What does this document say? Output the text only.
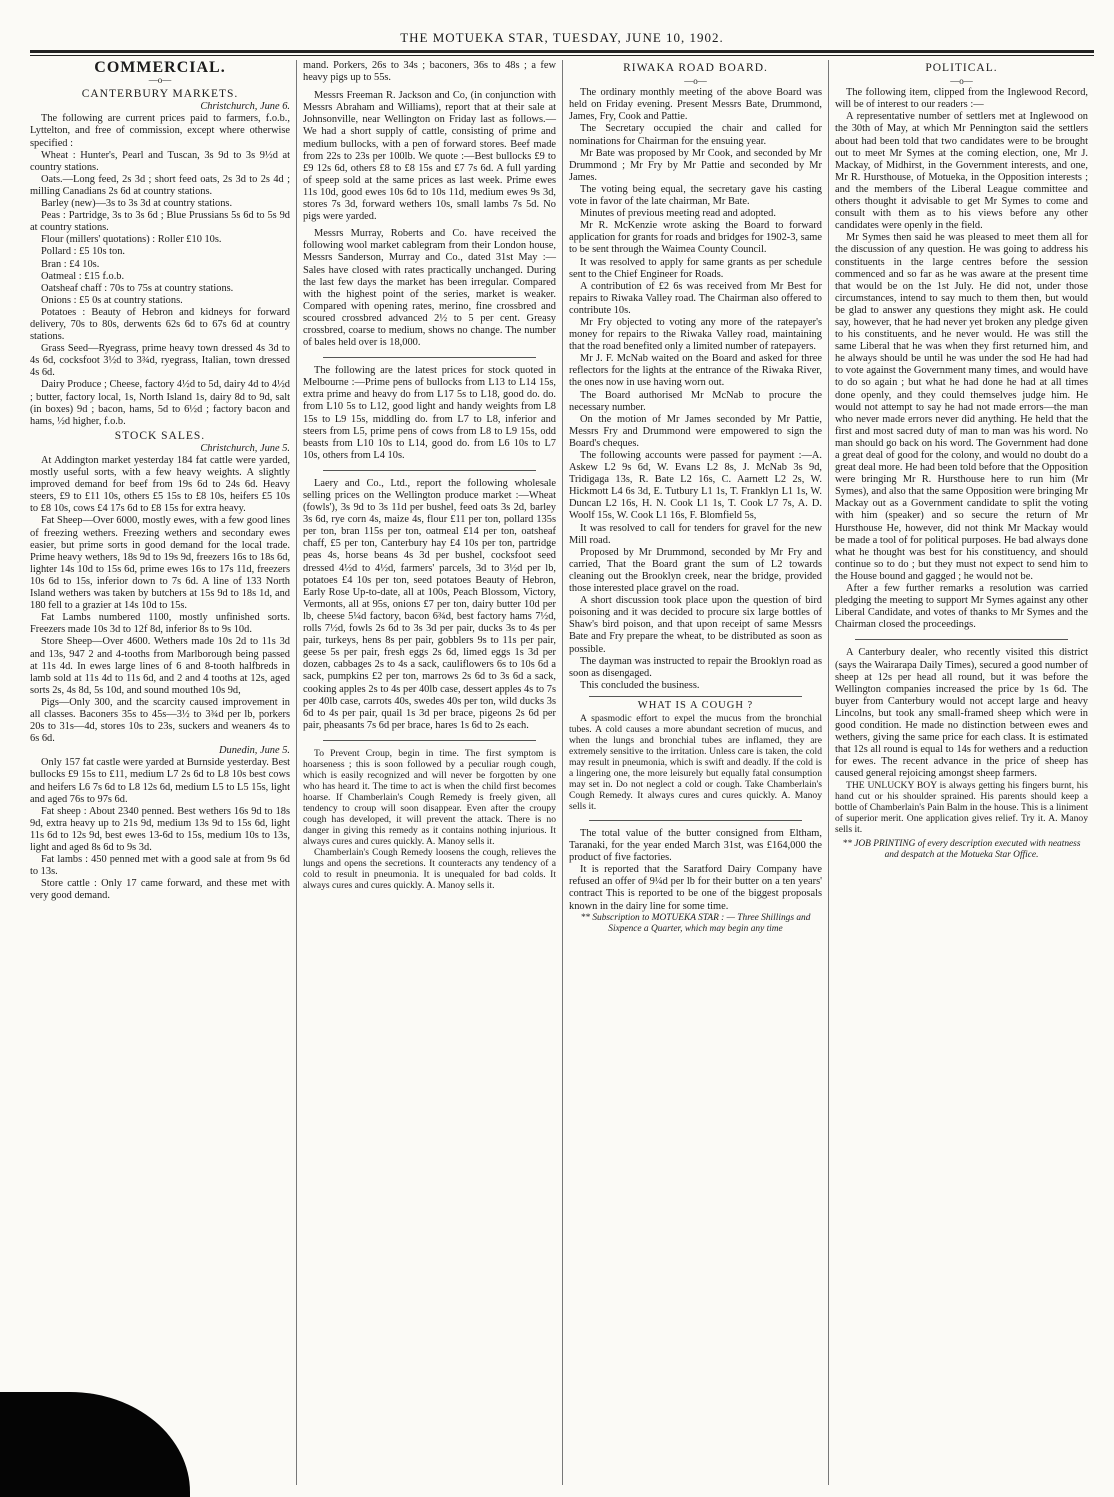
THE MOTUEKA STAR, TUESDAY, JUNE 10, 1902.
COMMERCIAL.
—o—
CANTERBURY MARKETS.
Christchurch, June 6.

The following are current prices paid to farmers, f.o.b., Lyttelton, and free of commission, except where otherwise specified :

Wheat : Hunter's, Pearl and Tuscan, 3s 9d to 3s 9½d at country stations.

Oats.—Long feed, 2s 3d ; short feed oats, 2s 3d to 2s 4d ; milling Canadians 2s 6d at country stations.

Barley (new)—3s to 3s 3d at country stations.

Peas : Partridge, 3s to 3s 6d ; Blue Prussians 5s 6d to 5s 9d at country stations.

Flour (millers' quotations) : Roller £10 10s.

Pollard : £5 10s ton.

Bran : £4 10s.

Oatmeal : £15 f.o.b.

Oatsheaf chaff : 70s to 75s at country stations.

Onions : £5 0s at country stations.

Potatoes : Beauty of Hebron and kidneys for forward delivery, 70s to 80s, derwents 62s 6d to 67s 6d at country stations.

Grass Seed—Ryegrass, prime heavy town dressed 4s 3d to 4s 6d, cocksfoot 3½d to 3¾d, ryegrass, Italian, town dressed 4s 6d.

Dairy Produce ; Cheese, factory 4½d to 5d, dairy 4d to 4½d ; butter, factory local, 1s, North Island 1s, dairy 8d to 9d, salt (in boxes) 9d ; bacon, hams, 5d to 6½d ; factory bacon and hams, ½d higher, f.o.b.

STOCK SALES.
Christchurch, June 5.

At Addington market yesterday 184 fat cattle were yarded, mostly useful sorts, with a few heavy weights. A slightly improved demand for beef from 19s 6d to 24s 6d. Heavy steers, £9 to £11 10s, others £5 15s to £8 10s, heifers £5 10s to £8 10s, cows £4 17s 6d to £8 15s for extra heavy.

Fat Sheep—Over 6000, mostly ewes, with a few good lines of freezing wethers. Freezing wethers and secondary ewes easier, but prime sorts in good demand for the local trade. Prime heavy wethers, 18s 9d to 19s 9d, freezers 16s to 18s 6d, lighter 14s 10d to 15s 6d, prime ewes 16s to 17s 11d, freezers 10s 6d to 15s, inferior down to 7s 6d. A line of 133 North Island wethers was taken by butchers at 15s 9d to 18s 1d, and 180 fell to a grazier at 14s 10d to 15s.

Fat Lambs numbered 1100, mostly unfinished sorts. Freezers made 10s 3d to 12f 8d, inferior 8s to 9s 10d.

Store Sheep—Over 4600. Wethers made 10s 2d to 11s 3d and 13s, 947 2 and 4-tooths from Marlborough being passed at 11s 4d. In ewes large lines of 6 and 8-tooth halfbreds in lamb sold at 11s 4d to 11s 6d, and 2 and 4 tooths at 12s, aged sorts 2s, 4s 8d, 5s 10d, and sound mouthed 10s 9d,

Pigs—Only 300, and the scarcity caused improvement in all classes. Baconers 35s to 45s—3½ to 3¾d per lb, porkers 20s to 31s—4d, stores 10s to 23s, suckers and weaners 4s to 6s 6d.

Dunedin, June 5.

Only 157 fat castle were yarded at Burnside yesterday. Best bullocks £9 15s to £11, medium L7 2s 6d to L8 10s best cows and heifers L6 7s 6d to L8 12s 6d, medium L5 to L5 15s, light and aged 76s to 97s 6d.

Fat sheep : About 2340 penned. Best wethers 16s 9d to 18s 9d, extra heavy up to 21s 9d, medium 13s 9d to 15s 6d, light 11s 6d to 12s 9d, best ewes 13-6d to 15s, medium 10s to 13s, light and aged 8s 6d to 9s 3d.

Fat lambs : 450 penned met with a good sale at from 9s 6d to 13s.

Store cattle : Only 17 came forward, and these met with very good demand.

mand. Porkers, 26s to 34s ; baconers, 36s to 48s ; a few heavy pigs up to 55s.

Messrs Freeman R. Jackson and Co, (in conjunction with Messrs Abraham and Williams), report that at their sale at Johnsonville, near Wellington on Friday last as follows.—We had a short supply of cattle, consisting of prime and medium bullocks, with a pen of forward stores. Beef made from 22s to 23s per 100lb. We quote :—Best bullocks £9 to £9 12s 6d, others £8 to £8 15s and £7 7s 6d. A full yarding of speep sold at the same prices as last week. Prime ewes 11s 10d, good ewes 10s 6d to 10s 11d, medium ewes 9s 3d, stores 7s 3d, forward wethers 10s, small lambs 7s 5d. No pigs were yarded.

Messrs Murray, Roberts and Co. have received the following wool market cablegram from their London house, Messrs Sanderson, Murray and Co., dated 31st May :—Sales have closed with rates practically unchanged. During the last few days the market has been irregular. Compared with the highest point of the series, market is weaker. Compared with opening rates, merino, fine crossbred and scoured crossbred advanced 2½ to 5 per cent. Greasy crossbred, coarse to medium, shows no change. The number of bales held over is 18,000.

The following are the latest prices for stock quoted in Melbourne :—Prime pens of bullocks from L13 to L14 15s, extra prime and heavy do from L17 5s to L18, good do. do. from L10 5s to L12, good light and handy weights from L8 15s to L9 15s, middling do. from L7 to L8, inferior and steers from L5, prime pens of cows from L8 to L9 15s, odd beasts from L10 10s to L14, good do. from L6 10s to L7 10s, others from L4 10s.

Laery and Co., Ltd., report the following wholesale selling prices on the Wellington produce market :—Wheat (fowls'), 3s 9d to 3s 11d per bushel, feed oats 3s 2d, barley 3s 6d, rye corn 4s, maize 4s, flour £11 per ton, pollard 135s per ton, bran 115s per ton, oatmeal £14 per ton, oatsheaf chaff, £5 per ton, Canterbury hay £4 10s per ton, partridge peas 4s, horse beans 4s 3d per bushel, cocksfoot seed dressed 4½d to 4½d, farmers' parcels, 3d to 3½d per lb, potatoes £4 10s per ton, seed potatoes Beauty of Hebron, Early Rose Up-to-date, all at 100s, Peach Blossom, Victory, Vermonts, all at 95s, onions £7 per ton, dairy butter 10d per lb, cheese 5¼d factory, bacon 6¾d, best factory hams 7½d, rolls 7½d, fowls 2s 6d to 3s 3d per pair, ducks 3s to 4s per pair, turkeys, hens 8s per pair, gobblers 9s to 11s per pair, geese 5s per pair, fresh eggs 2s 6d, limed eggs 1s 3d per dozen, cabbages 2s to 4s a sack, cauliflowers 6s to 10s 6d a sack, pumpkins £2 per ton, marrows 2s 6d to 3s 6d a sack, cooking apples 2s to 4s per 40lb case, dessert apples 4s to 7s per 40lb case, carrots 40s, swedes 40s per ton, wild ducks 3s 6d to 4s per pair, quail 1s 3d per brace, pigeons 2s 6d per pair, pheasants 7s 6d per brace, hares 1s 6d to 2s each.

To Prevent Croup, begin in time. The first symptom is hoarseness ; this is soon followed by a peculiar rough cough, which is easily recognized and will never be forgotten by one who has heard it. The time to act is when the child first becomes hoarse. If Chamberlain's Cough Remedy is freely given, all tendency to croup will soon disappear. Even after the croupy cough has developed, it will prevent the attack. There is no danger in giving this remedy as it contains nothing injurious. It always cures and cures quickly. A. Manoy sells it.

Chamberlain's Cough Remedy loosens the cough, relieves the lungs and opens the secretions. It counteracts any tendency of a cold to result in pneumonia. It is unequaled for bad colds. It always cures and cures quickly. A. Manoy sells it.

RIWAKA ROAD BOARD.
—o—

The ordinary monthly meeting of the above Board was held on Friday evening. Present Messrs Bate, Drummond, James, Fry, Cook and Pattie.

The Secretary occupied the chair and called for nominations for Chairman for the ensuing year.

Mr Bate was proposed by Mr Cook, and seconded by Mr Drummond ; Mr Fry by Mr Pattie and seconded by Mr James.

The voting being equal, the secretary gave his casting vote in favor of the late chairman, Mr Bate.

Minutes of previous meeting read and adopted.

Mr R. McKenzie wrote asking the Board to forward application for grants for roads and bridges for 1902-3, same to be sent through the Waimea County Council.

It was resolved to apply for same grants as per schedule sent to the Chief Engineer for Roads.

A contribution of £2 6s was received from Mr Best for repairs to Riwaka Valley road. The Chairman also offered to contribute 10s.

Mr Fry objected to voting any more of the ratepayer's money for repairs to the Riwaka Valley road, maintaining that the road benefited only a limited number of ratepayers.

Mr J. F. McNab waited on the Board and asked for three reflectors for the lights at the entrance of the Riwaka River, the ones now in use having worn out.

The Board authorised Mr McNab to procure the necessary number.

On the motion of Mr James seconded by Mr Pattie, Messrs Fry and Drummond were empowered to sign the Board's cheques.

The following accounts were passed for payment :—A. Askew L2 9s 6d, W. Evans L2 8s, J. McNab 3s 9d, Tridigaga 13s, R. Bate L2 16s, C. Aarnett L2 2s, W. Hickmott L4 6s 3d, E. Tutbury L1 1s, T. Franklyn L1 1s, W. Duncan L2 16s, H. N. Cook L1 1s, T. Cook L7 7s, A. D. Woolf 15s, W. Cook L1 16s, F. Blomfield 5s,

It was resolved to call for tenders for gravel for the new Mill road.

Proposed by Mr Drummond, seconded by Mr Fry and carried, That the Board grant the sum of L2 towards cleaning out the Brooklyn creek, near the bridge, provided those interested place gravel on the road.

A short discussion took place upon the question of bird poisoning and it was decided to procure six large bottles of Shaw's bird poison, and that upon receipt of same Messrs Bate and Fry prepare the wheat, to be distributed as soon as possible.

The dayman was instructed to repair the Brooklyn road as soon as disengaged.

This concluded the business.

WHAT IS A COUGH ?

A spasmodic effort to expel the mucus from the bronchial tubes. A cold causes a more abundant secretion of mucus, and when the lungs and bronchial tubes are inflamed, they are extremely sensitive to the irritation. Unless care is taken, the cold may result in pneumonia, which is swift and deadly. If the cold is a lingering one, the more leisurely but equally fatal consumption may set in. Do not neglect a cold or cough. Take Chamberlain's Cough Remedy. It always cures and cures quickly. A. Manoy sells it.

The total value of the butter consigned from Eltham, Taranaki, for the year ended March 31st, was £164,000 the product of five factories.

It is reported that the Saratford Dairy Company have refused an offer of 9¼d per lb for their butter on a ten years' contract This is reported to be one of the biggest proposals known in the dairy line for some time.

** Subscription to MOTUEKA STAR : — Three Shillings and Sixpence a Quarter, which may begin any time

POLITICAL.
—o—

The following item, clipped from the Inglewood Record, will be of interest to our readers :—

A representative number of settlers met at Inglewood on the 30th of May, at which Mr Pennington said the settlers about had been told that two candidates were to be brought out to meet Mr Symes at the coming election, one, Mr J. Mackay, of Midhirst, in the Government interests, and one, Mr R. Hursthouse, of Motueka, in the Opposition interests ; and the members of the Liberal League committee and others thought it advisable to get Mr Symes to come and consult with them as to his views before any other candidates were openly in the field.

Mr Symes then said he was pleased to meet them all for the discussion of any question. He was going to address his constituents in the large centres before the session commenced and so far as he was aware at the present time that would be on the 1st July. He did not, under those circumstances, intend to say much to them then, but would be glad to answer any questions they might ask. He could say, however, that he had never yet broken any pledge given to his constituents, and he never would. He was still the same Liberal that he was when they first returned him, and he always should be until he was under the sod He had had to vote against the Government many times, and would have to do so again ; but what he had done he had at all times done openly, and they could themselves judge him. He would not attempt to say he had not made errors—the man who never made errors never did anything. He held that the first and most sacred duty of man to man was his word. No man should go back on his word. The Government had done a great deal of good for the colony, and would no doubt do a great deal more. He had been told before that the Opposition were bringing Mr R. Hursthouse here to run him (Mr Symes), and also that the same Opposition were bringing Mr Mackay out as a Government candidate to split the voting with him (speaker) and so secure the return of Mr Hursthouse He, however, did not think Mr Mackay would be made a tool of for political purposes. He bad always done what he thought was best for his constituency, and should continue so to do ; but they must not expect to send him to the House bound and gagged ; he would not be.

After a few further remarks a resolution was carried pledging the meeting to support Mr Symes against any other Liberal Candidate, and votes of thanks to Mr Symes and the Chairman closed the proceedings.

A Canterbury dealer, who recently visited this district (says the Wairarapa Daily Times), secured a good number of sheep at 12s per head all round, but it was before the Wellington companies increased the price by 1s 6d. The buyer from Canterbury would not accept large and heavy Lincolns, but took any small-framed sheep which were in good condition. He made no distinction between ewes and wethers, giving the same price for each class. It is estimated that 12s all round is equal to 14s for wethers and a reduction for ewes. The recent advance in the price of sheep has caused general rejoicing amongst sheep farmers.

THE UNLUCKY BOY is always getting his fingers burnt, his hand cut or his shoulder sprained. His parents should keep a bottle of Chamberlain's Pain Balm in the house. This is a liniment of superior merit. One application gives relief. Try it. A. Manoy sells it.

** JOB PRINTING of every description executed with neatness and despatch at the Motueka Star Office.
